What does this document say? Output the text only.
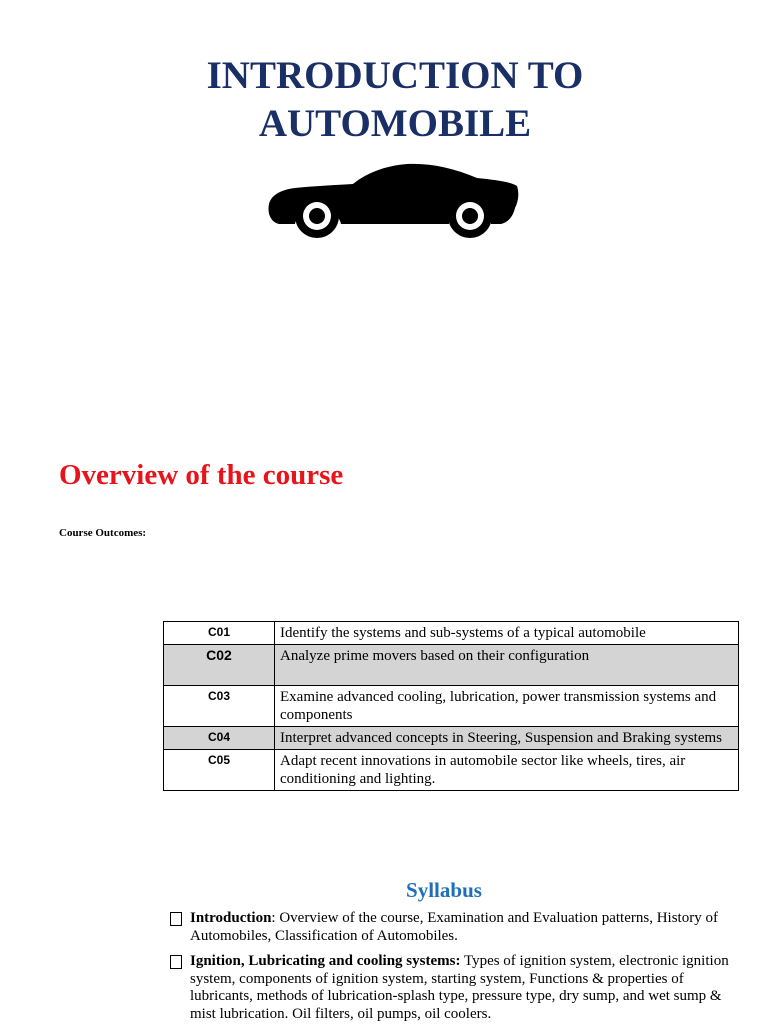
INTRODUCTION TO
AUTOMOBILE
Overview of the course
Course Outcomes:
C01	Identify the systems and sub-systems of a typical automobile
C02	Analyze prime movers based on their configuration
C03	Examine advanced cooling, lubrication, power transmission systems and
components
C04	Interpret advanced concepts in Steering, Suspension and Braking systems
C05	Adapt recent innovations in automobile sector like wheels, tires, air conditioning and lighting.
Syllabus
Introduction: Overview of the course, Examination and Evaluation patterns, History of Automobiles, Classification of Automobiles.
Ignition, Lubricating and cooling systems: Types of ignition system, electronic ignition system, components of ignition system, starting system, Functions & properties of lubricants, methods of lubrication-splash type, pressure type, dry sump, and wet sump & mist lubrication. Oil filters, oil pumps, oil coolers.
